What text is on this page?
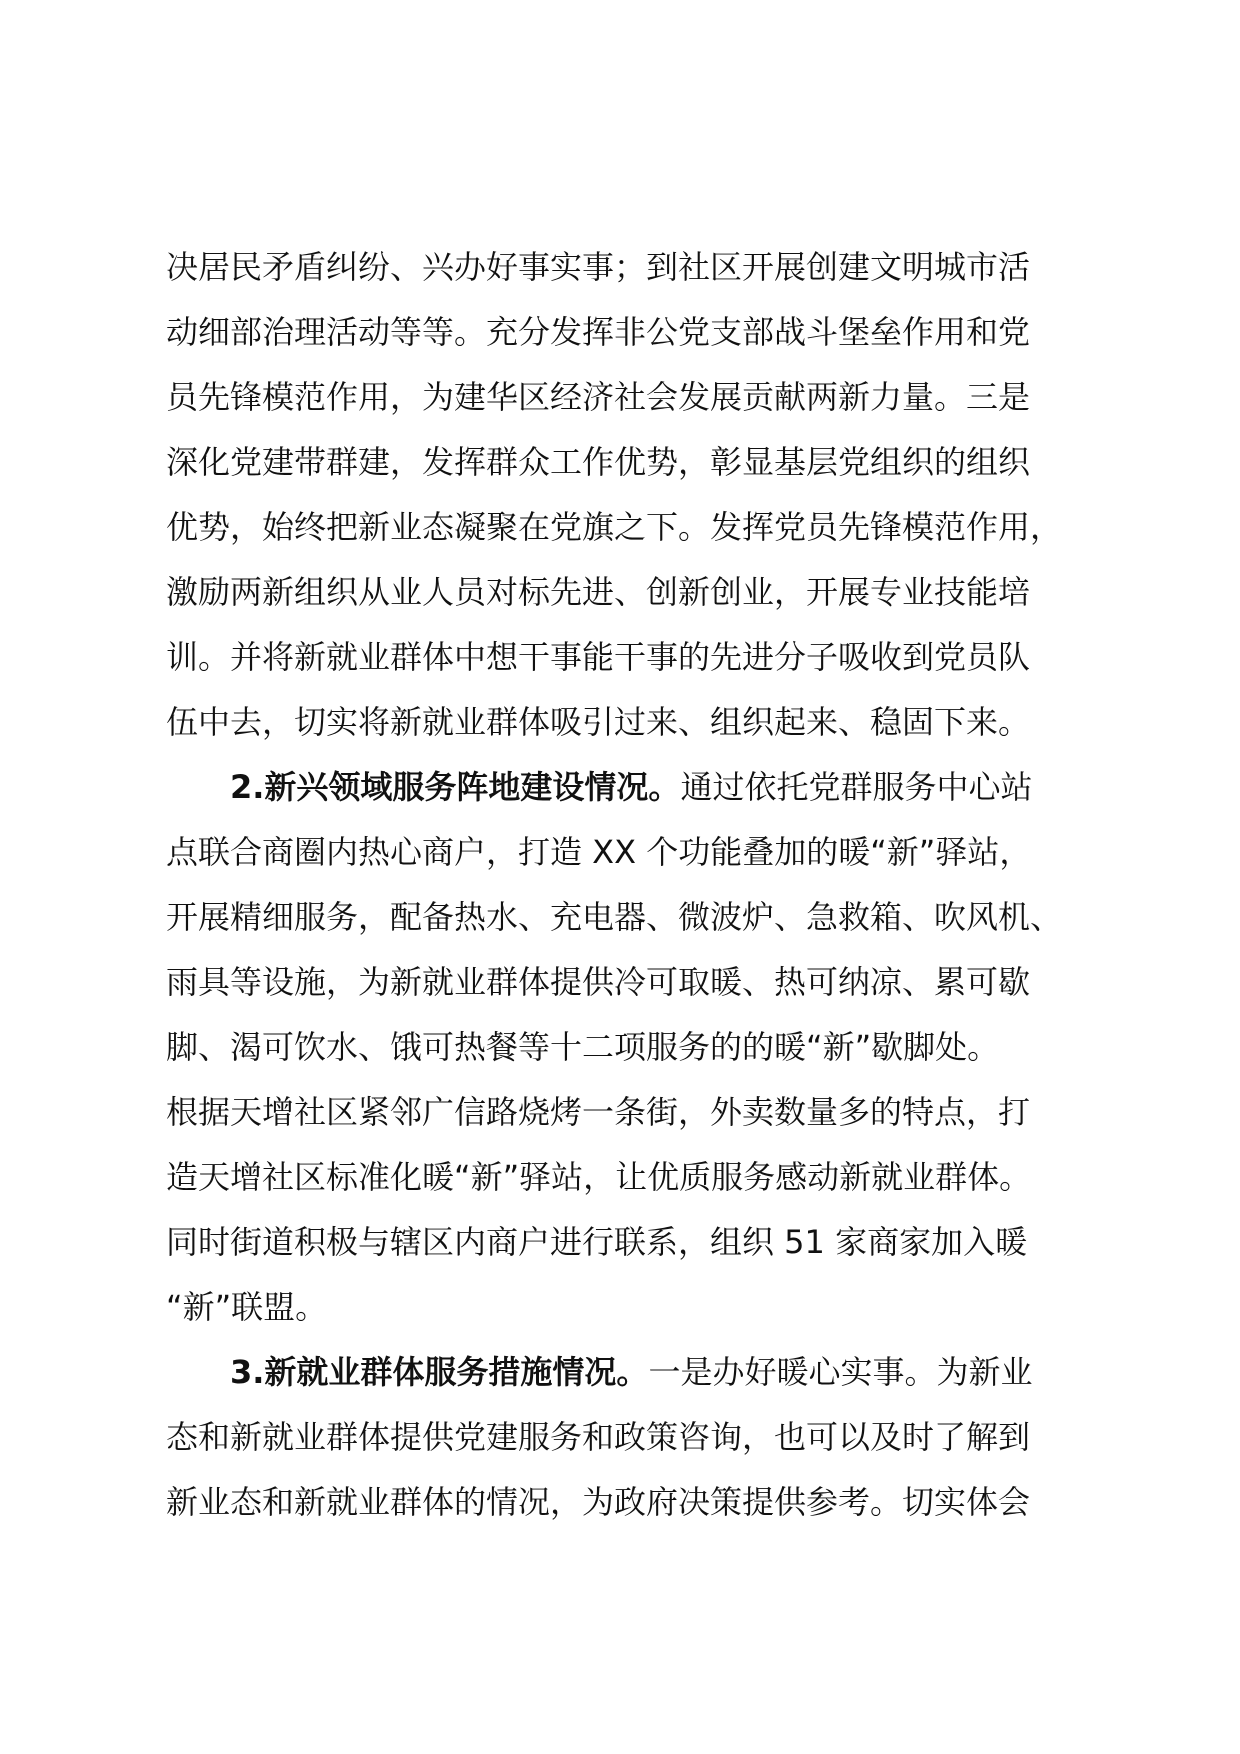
决居民矛盾纠纷、兴办好事实事；到社区开展创建文明城市活
动细部治理活动等等。充分发挥非公党支部战斗堡垒作用和党
员先锋模范作用，为建华区经济社会发展贡献两新力量。三是
深化党建带群建，发挥群众工作优势，彰显基层党组织的组织
优势，始终把新业态凝聚在党旗之下。发挥党员先锋模范作用，
激励两新组织从业人员对标先进、创新创业，开展专业技能培
训。并将新就业群体中想干事能干事的先进分子吸收到党员队
伍中去，切实将新就业群体吸引过来、组织起来、稳固下来。
2.新兴领域服务阵地建设情况。通过依托党群服务中心站
点联合商圈内热心商户，打造 XX 个功能叠加的暖“新”驿站，
开展精细服务，配备热水、充电器、微波炉、急救箱、吹风机、
雨具等设施，为新就业群体提供冷可取暖、热可纳凉、累可歇
脚、渴可饮水、饿可热餐等十二项服务的的暖“新”歇脚处。
根据天增社区紧邻广信路烧烤一条街，外卖数量多的特点，打
造天增社区标准化暖“新”驿站，让优质服务感动新就业群体。
同时街道积极与辖区内商户进行联系，组织 51 家商家加入暖
“新”联盟。
3.新就业群体服务措施情况。一是办好暖心实事。为新业
态和新就业群体提供党建服务和政策咨询，也可以及时了解到
新业态和新就业群体的情况，为政府决策提供参考。切实体会
